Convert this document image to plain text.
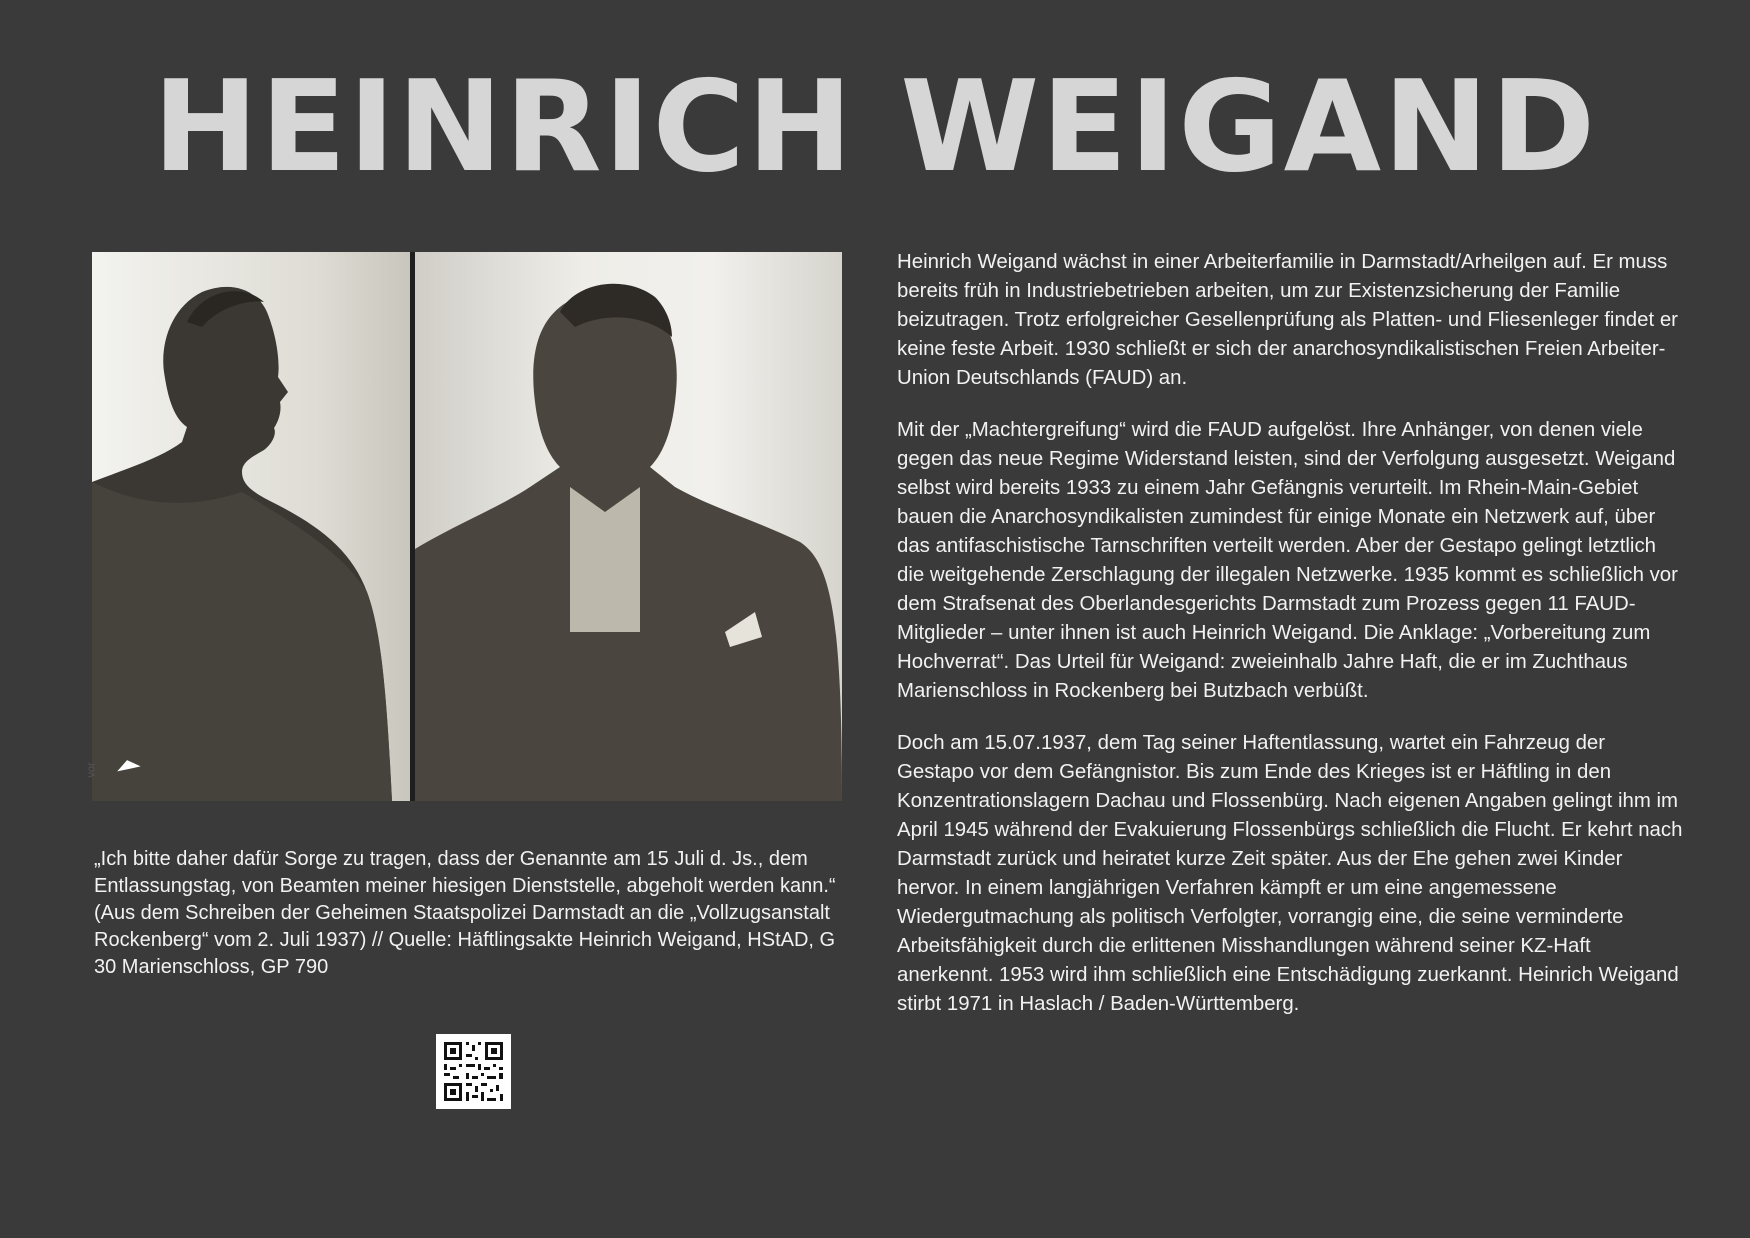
HEINRICH WEIGAND
vor

„Ich bitte daher dafür Sorge zu tragen, dass der Genannte am 15 Juli d. Js., dem Entlassungstag, von Beamten meiner hiesigen Dienststelle, abgeholt werden kann.“

(Aus dem Schreiben der Geheimen Staatspolizei Darmstadt an die „Vollzugsanstalt Rockenberg“ vom 2. Juli 1937) // Quelle: Häftlingsakte Heinrich Weigand, HStAD, G 30 Marienschloss, GP 790

Heinrich Weigand wächst in einer Arbeiterfamilie in Darmstadt/Arheilgen auf. Er muss bereits früh in Industriebetrieben arbeiten, um zur Existenzsicherung der Familie beizutragen. Trotz erfolgreicher Gesellenprüfung als Platten- und Fliesenleger findet er keine feste Arbeit. 1930 schließt er sich der anarchosyndikalistischen Freien Arbeiter-Union Deutschlands (FAUD) an.

Mit der „Machtergreifung“ wird die FAUD aufgelöst. Ihre Anhänger, von denen viele gegen das neue Regime Widerstand leisten, sind der Verfolgung ausgesetzt. Weigand selbst wird bereits 1933 zu einem Jahr Gefängnis verurteilt. Im Rhein-Main-Gebiet bauen die Anarchosyndikalisten zumindest für einige Monate ein Netzwerk auf, über das antifaschistische Tarnschriften verteilt werden. Aber der Gestapo gelingt letztlich die weitgehende Zerschlagung der illegalen Netzwerke. 1935 kommt es schließlich vor dem Strafsenat des Oberlandesgerichts Darmstadt zum Prozess gegen 11 FAUD-Mitglieder – unter ihnen ist auch Heinrich Weigand. Die Anklage: „Vorbereitung zum Hochverrat“. Das Urteil für Weigand: zweieinhalb Jahre Haft, die er im Zuchthaus Marienschloss in Rockenberg bei Butzbach verbüßt.

Doch am 15.07.1937, dem Tag seiner Haftentlassung, wartet ein Fahrzeug der Gestapo vor dem Gefängnistor. Bis zum Ende des Krieges ist er Häftling in den Konzentrationslagern Dachau und Flossenbürg. Nach eigenen Angaben gelingt ihm im April 1945 während der Evakuierung Flossenbürgs schließlich die Flucht. Er kehrt nach Darmstadt zurück und heiratet kurze Zeit später. Aus der Ehe gehen zwei Kinder hervor. In einem langjährigen Verfahren kämpft er um eine angemessene Wiedergutmachung als politisch Verfolgter, vorrangig eine, die seine verminderte Arbeitsfähigkeit durch die erlittenen Misshandlungen während seiner KZ-Haft anerkennt. 1953 wird ihm schließlich eine Entschädigung zuerkannt. Heinrich Weigand stirbt 1971 in Haslach / Baden-Württemberg.
